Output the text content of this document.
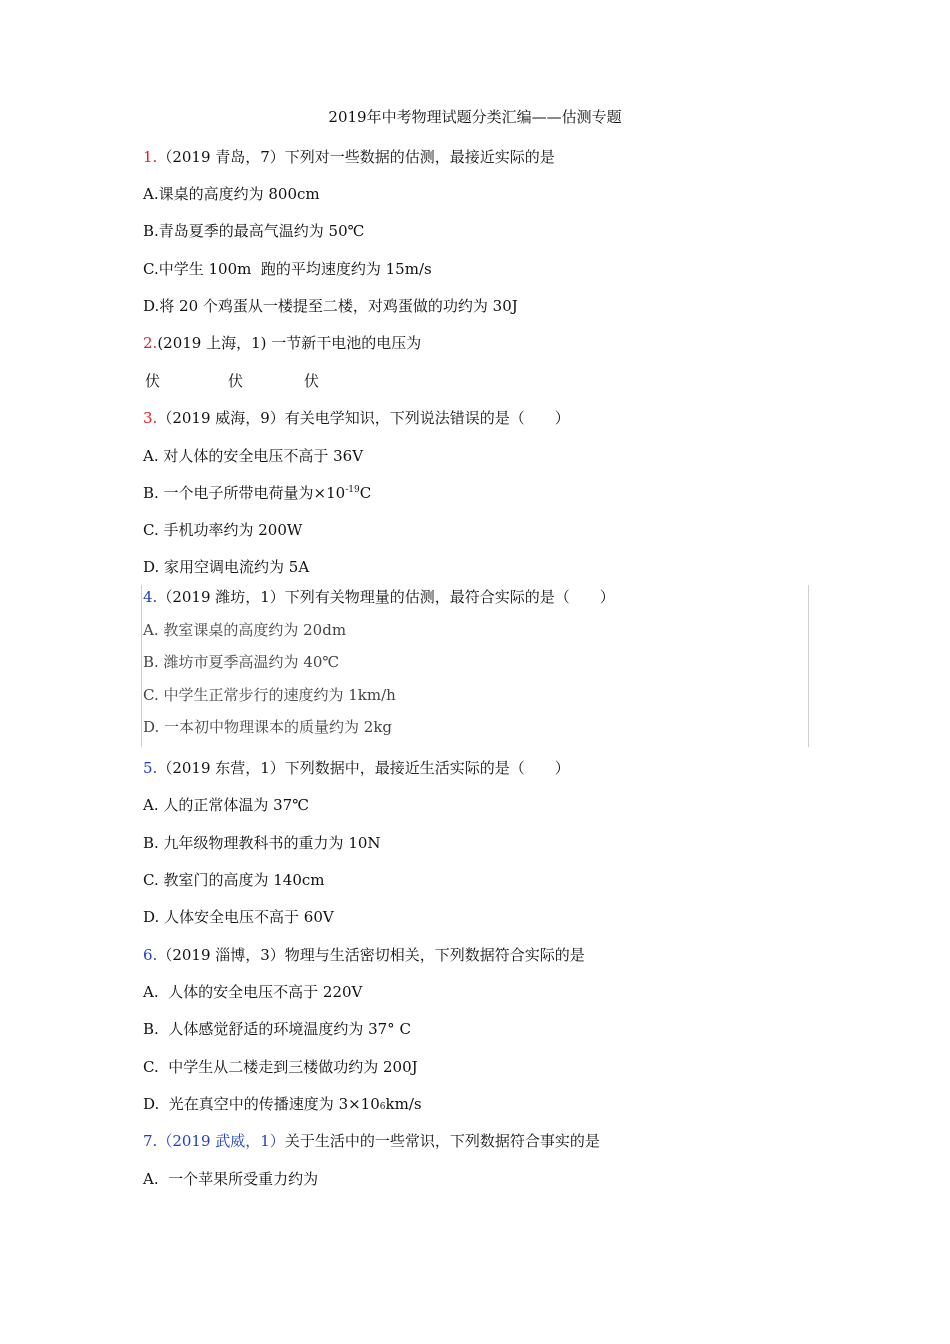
2019年中考物理试题分类汇编——估测专题
1.（2019 青岛，7）下列对一些数据的估测，最接近实际的是
A.课桌的高度约为 800cm
B.青岛夏季的最高气温约为 50℃
C.中学生 100m  跑的平均速度约为 15m/s
D.将 20 个鸡蛋从一楼提至二楼，对鸡蛋做的功约为 30J
2.(2019 上海，1) 一节新干电池的电压为
伏	伏	伏
3.（2019 威海，9）有关电学知识，下列说法错误的是（　　）
A. 对人体的安全电压不高于 36V
B. 一个电子所带电荷量为$\times 10^{-19}C$
C. 手机功率约为 200W
D. 家用空调电流约为 5A
4.（2019 潍坊，1）下列有关物理量的估测，最符合实际的是（　　）
A. 教室课桌的高度约为 20dm
B. 潍坊市夏季高温约为 40℃
C. 中学生正常步行的速度约为 1km/h
D. 一本初中物理课本的质量约为 2kg
5.（2019 东营，1）下列数据中，最接近生活实际的是（　　）
A. 人的正常体温为 37℃
B. 九年级物理教科书的重力为 10N
C. 教室门的高度为 140cm
D. 人体安全电压不高于 60V
6.（2019 淄博，3）物理与生活密切相关，下列数据符合实际的是
A.  人体的安全电压不高于 220V
B.  人体感觉舒适的环境温度约为 37° C
C.  中学生从二楼走到三楼做功约为 200J
D.  光在真空中的传播速度为 3×106km/s
7.（2019 武威，1）关于生活中的一些常识，下列数据符合事实的是
A.  一个苹果所受重力约为
